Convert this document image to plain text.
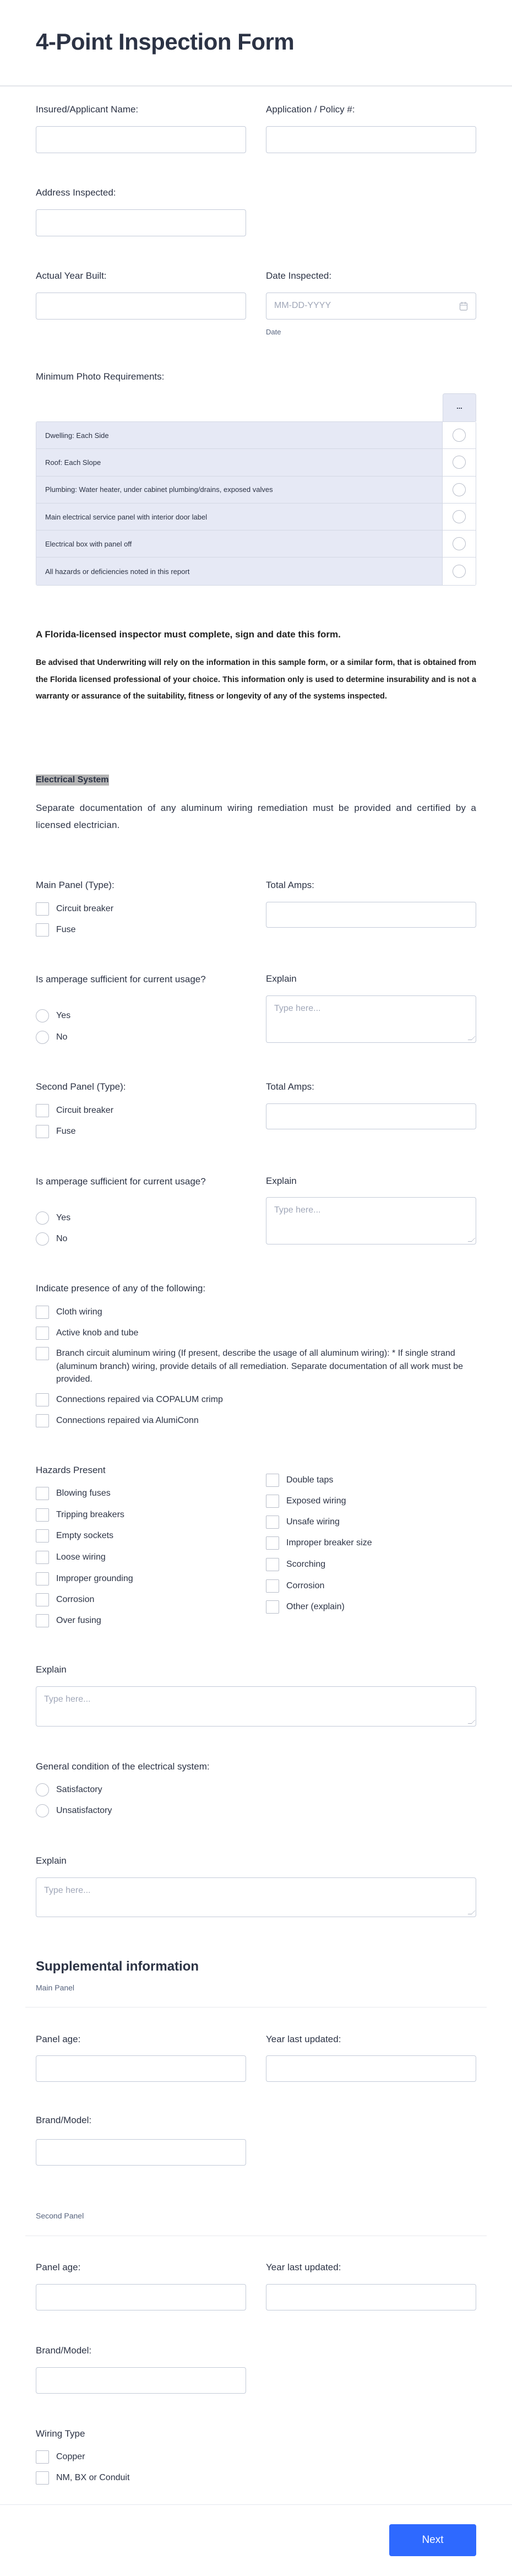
4-Point Inspection Form
Insured/Applicant Name:	Application / Policy #:
Address Inspected:
Actual Year Built:	Date Inspected:
MM-DD-YYYY
Date
Minimum Photo Requirements:
...
Dwelling: Each Side
Roof: Each Slope
Plumbing: Water heater, under cabinet plumbing/drains, exposed valves
Main electrical service panel with interior door label
Electrical box with panel off
All hazards or deficiencies noted in this report
A Florida-licensed inspector must complete, sign and date this form.
Be advised that Underwriting will rely on the information in this sample form, or a similar form, that is obtained from the Florida licensed professional of your choice. This information only is used to determine insurability and is not a warranty or assurance of the suitability, fitness or longevity of any of the systems inspected.
Electrical System
Separate documentation of any aluminum wiring remediation must be provided and certified by a licensed electrician.
Main Panel (Type):	Total Amps:
Circuit breaker
Fuse
Is amperage sufficient for current usage?	Explain
Yes
No
Type here...
Second Panel (Type):	Total Amps:
Circuit breaker
Fuse
Is amperage sufficient for current usage?	Explain
Yes
No
Type here...
Indicate presence of any of the following:
Cloth wiring
Active knob and tube
Branch circuit aluminum wiring (If present, describe the usage of all aluminum wiring): * If single strand (aluminum branch) wiring, provide details of all remediation. Separate documentation of all work must be provided.
Connections repaired via COPALUM crimp
Connections repaired via AlumiConn
Hazards Present
Blowing fuses
Tripping breakers
Empty sockets
Loose wiring
Improper grounding
Corrosion
Over fusing
Double taps
Exposed wiring
Unsafe wiring
Improper breaker size
Scorching
Corrosion
Other (explain)
Explain
Type here...
General condition of the electrical system:
Satisfactory
Unsatisfactory
Explain
Type here...
Supplemental information
Main Panel
Panel age:	Year last updated:
Brand/Model:
Second Panel
Panel age:	Year last updated:
Brand/Model:
Wiring Type
Copper
NM, BX or Conduit
Next
